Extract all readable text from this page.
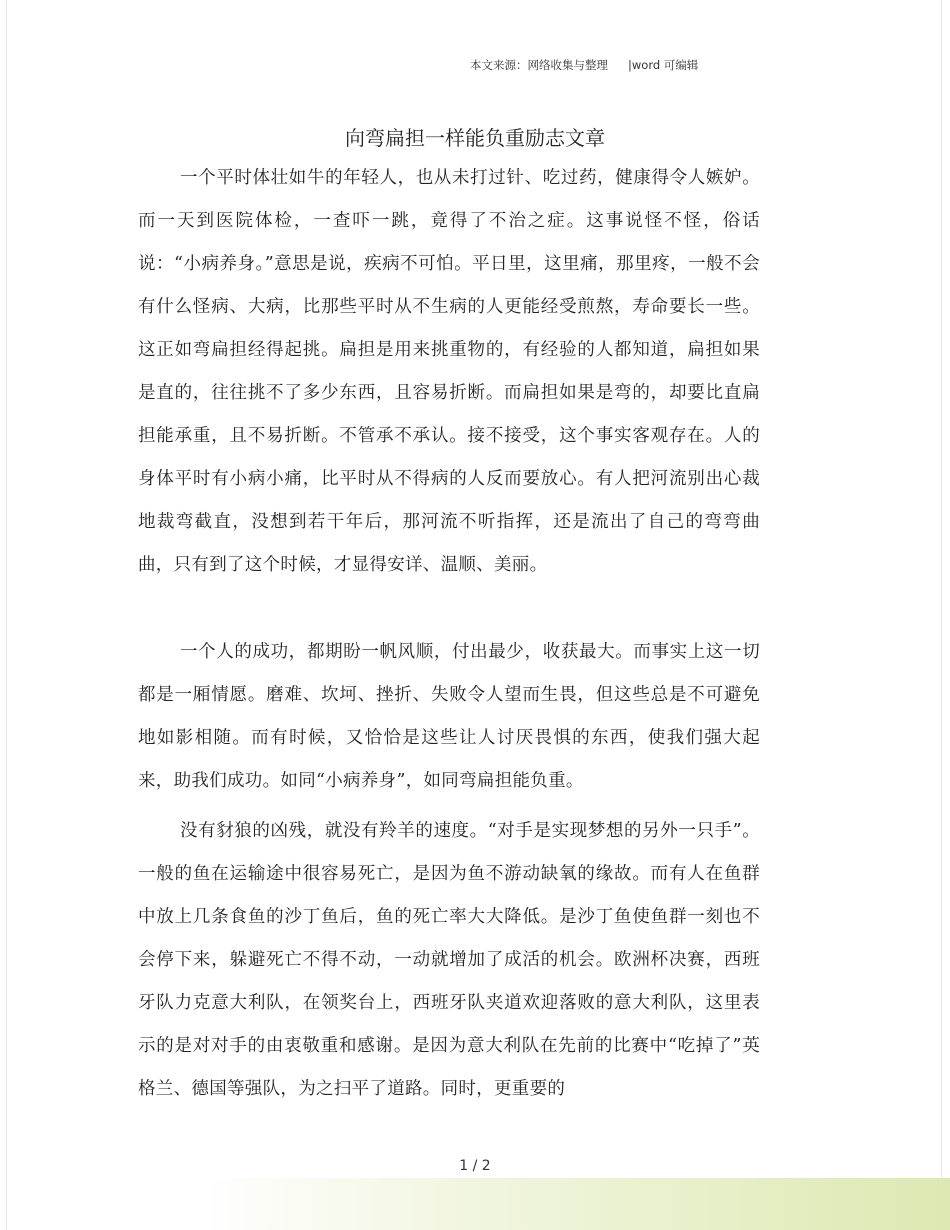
本文来源：网络收集与整理 |word 可编辑
向弯扁担一样能负重励志文章

一个平时体壮如牛的年轻人，也从未打过针、吃过药，健康得令人嫉妒。而一天到医院体检，一查吓一跳，竟得了不治之症。这事说怪不怪，俗话说：“小病养身。”意思是说，疾病不可怕。平日里，这里痛，那里疼，一般不会有什么怪病、大病，比那些平时从不生病的人更能经受煎熬，寿命要长一些。 这正如弯扁担经得起挑。扁担是用来挑重物的，有经验的人都知道，扁担如果是直的，往往挑不了多少东西，且容易折断。而扁担如果是弯的，却要比直扁担能承重，且不易折断。不管承不承认。接不接受，这个事实客观存在。人的身体平时有小病小痛，比平时从不得病的人反而要放心。有人把河流别出心裁地裁弯截直，没想到若干年后，那河流不听指挥，还是流出了自己的弯弯曲曲，只有到了这个时候，才显得安详、温顺、美丽。

一个人的成功，都期盼一帆风顺，付出最少，收获最大。而事实上这一切都是一厢情愿。磨难、坎坷、挫折、失败令人望而生畏，但这些总是不可避免地如影相随。而有时候，又恰恰是这些让人讨厌畏惧的东西，使我们强大起来，助我们成功。如同“小病养身”，如同弯扁担能负重。

没有豺狼的凶残，就没有羚羊的速度。“对手是实现梦想的另外一只手”。一般的鱼在运输途中很容易死亡，是因为鱼不游动缺氧的缘故。而有人在鱼群中放上几条食鱼的沙丁鱼后，鱼的死亡率大大降低。是沙丁鱼使鱼群一刻也不会停下来，躲避死亡不得不动，一动就增加了成活的机会。欧洲杯决赛，西班牙队力克意大利队，在领奖台上，西班牙队夹道欢迎落败的意大利队，这里表示的是对对手的由衷敬重和感谢。是因为意大利队在先前的比赛中“吃掉了”英格兰、德国等强队，为之扫平了道路。同时，更重要的

1 / 2
